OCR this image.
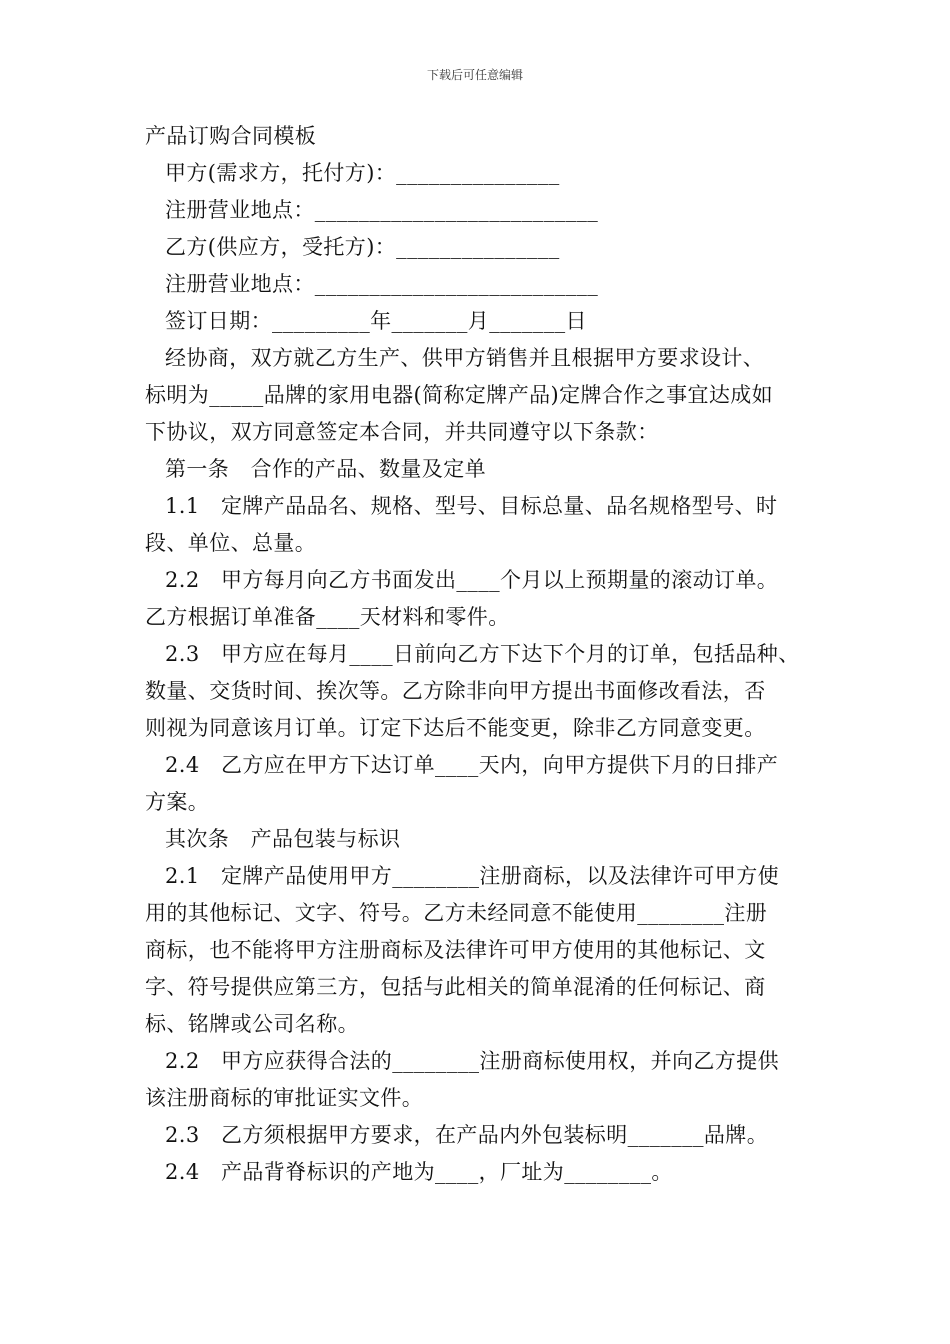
下载后可任意编辑
产品订购合同模板
甲方(需求方，托付方)：_______________
注册营业地点：__________________________
乙方(供应方，受托方)：_______________
注册营业地点：__________________________
签订日期：_________年_______月_______日
经协商，双方就乙方生产、供甲方销售并且根据甲方要求设计、
标明为_____品牌的家用电器(简称定牌产品)定牌合作之事宜达成如
下协议，双方同意签定本合同，并共同遵守以下条款：
第一条　合作的产品、数量及定单
1.1　定牌产品品名、规格、型号、目标总量、品名规格型号、时
段、单位、总量。
2.2　甲方每月向乙方书面发出____个月以上预期量的滚动订单。
乙方根据订单准备____天材料和零件。
2.3　甲方应在每月____日前向乙方下达下个月的订单，包括品种、
数量、交货时间、挨次等。乙方除非向甲方提出书面修改看法，否
则视为同意该月订单。订定下达后不能变更，除非乙方同意变更。
2.4　乙方应在甲方下达订单____天内，向甲方提供下月的日排产
方案。
其次条　产品包装与标识
2.1　定牌产品使用甲方________注册商标，以及法律许可甲方使
用的其他标记、文字、符号。乙方未经同意不能使用________注册
商标，也不能将甲方注册商标及法律许可甲方使用的其他标记、文
字、符号提供应第三方，包括与此相关的简单混淆的任何标记、商
标、铭牌或公司名称。
2.2　甲方应获得合法的________注册商标使用权，并向乙方提供
该注册商标的审批证实文件。
2.3　乙方须根据甲方要求，在产品内外包装标明_______品牌。
2.4　产品背脊标识的产地为____，厂址为________。
